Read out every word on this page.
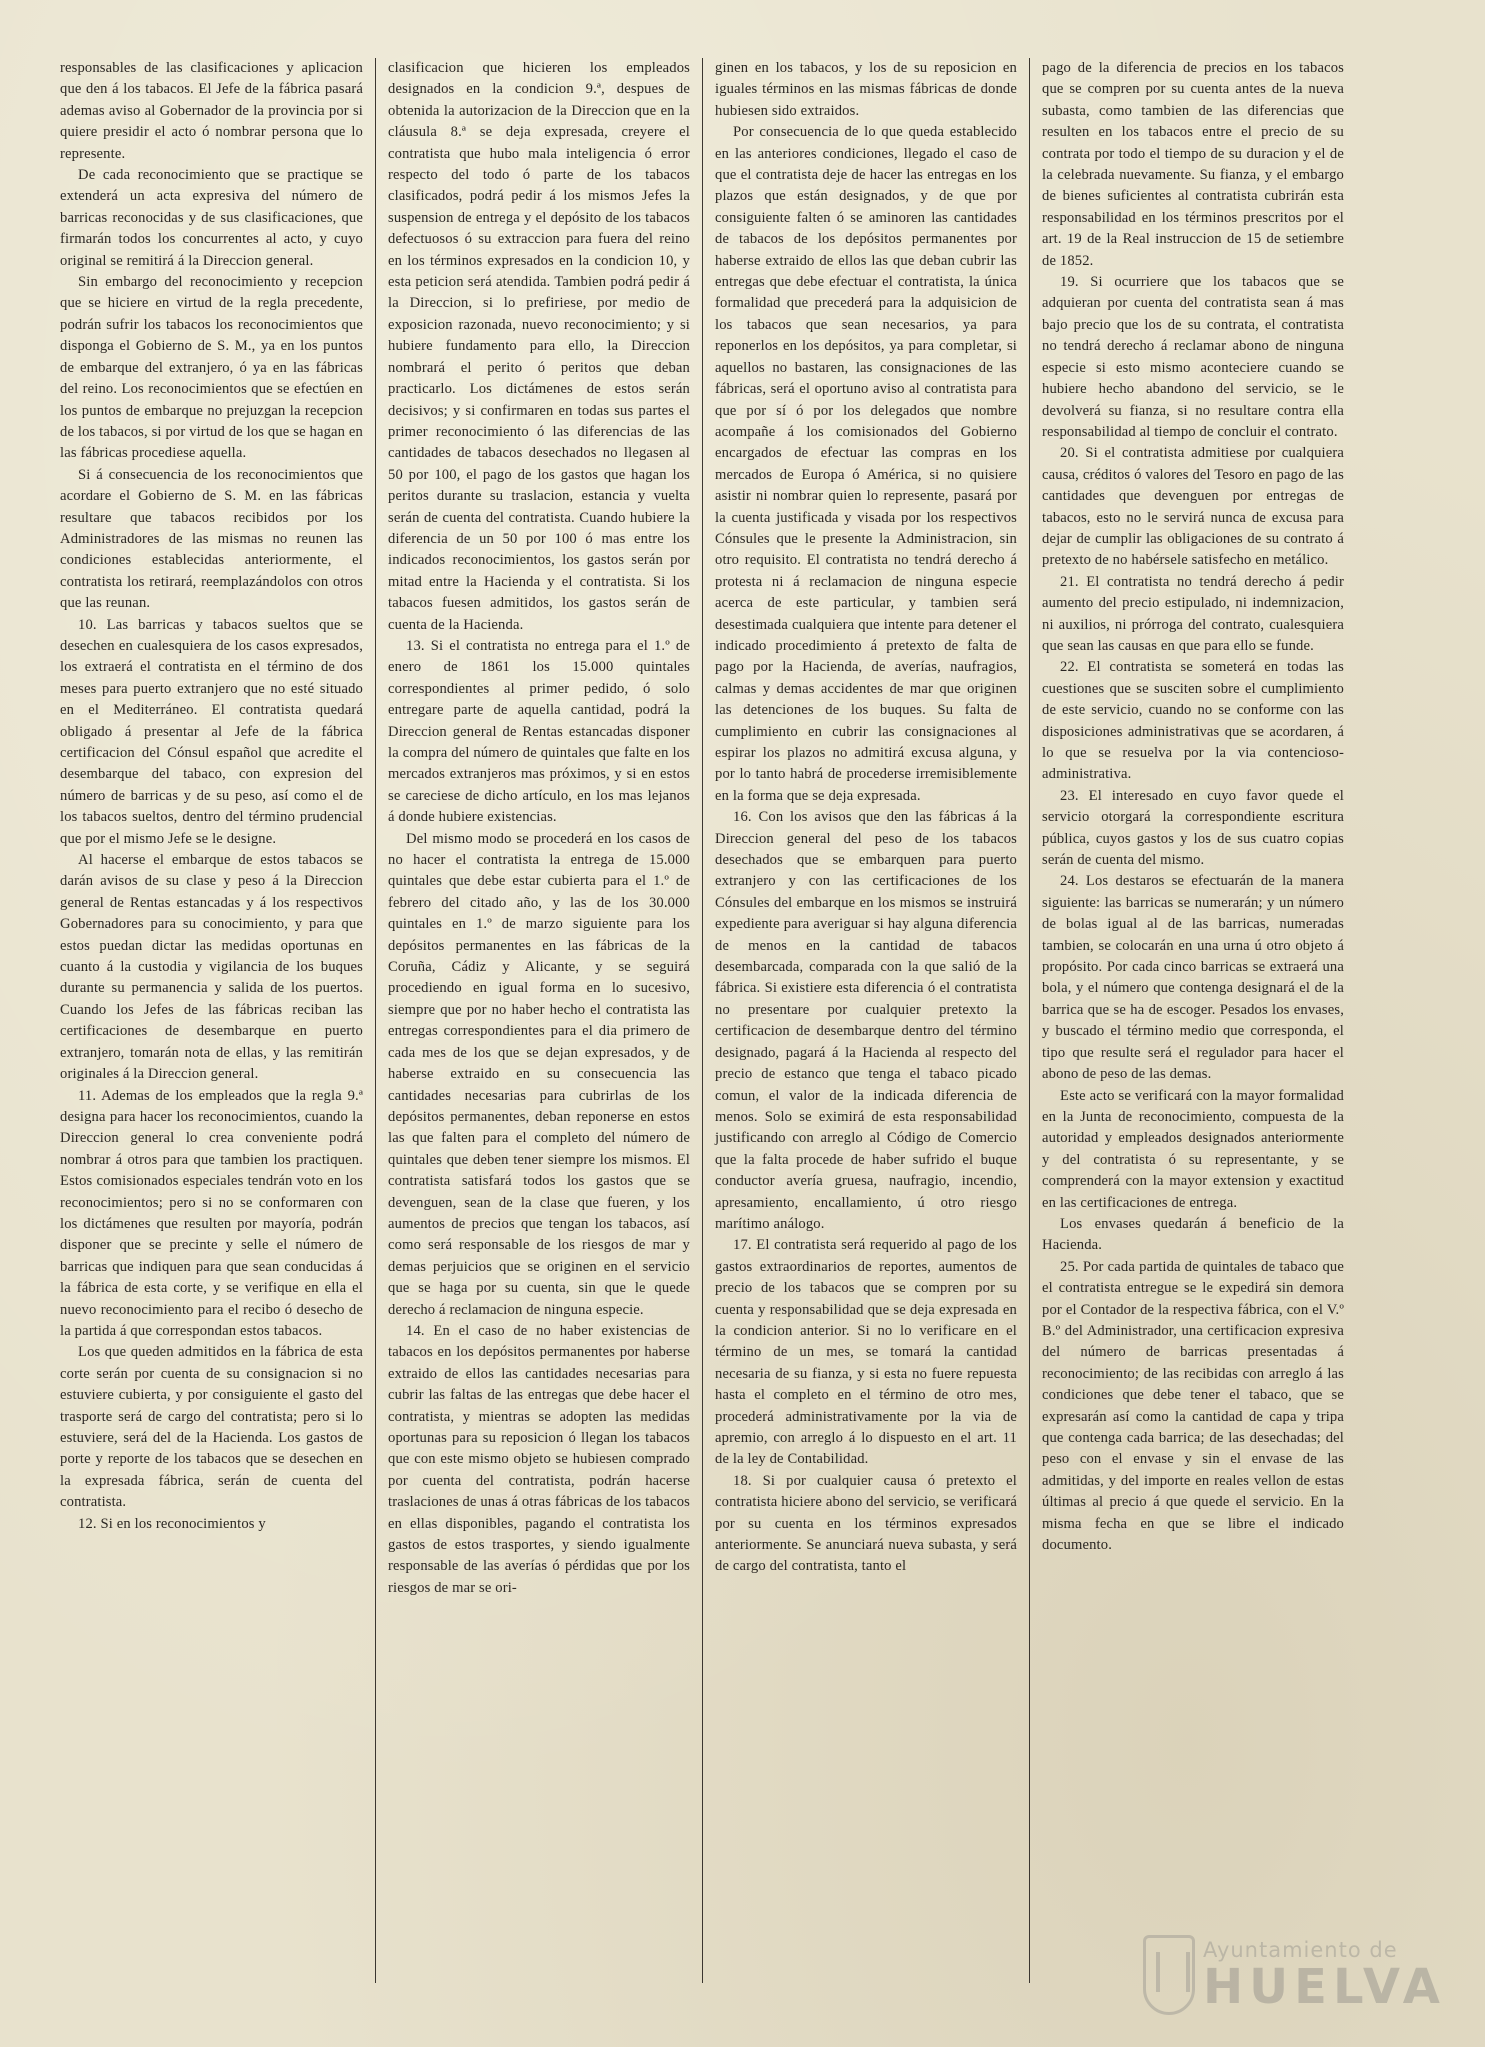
responsables de las clasificaciones y aplicacion que den á los tabacos. El Jefe de la fábrica pasará ademas aviso al Gobernador de la provincia por si quiere presidir el acto ó nombrar persona que lo represente.

De cada reconocimiento que se practique se extenderá un acta expresiva del número de barricas reconocidas y de sus clasificaciones, que firmarán todos los concurrentes al acto, y cuyo original se remitirá á la Direccion general.

Sin embargo del reconocimiento y recepcion que se hiciere en virtud de la regla precedente, podrán sufrir los tabacos los reconocimientos que disponga el Gobierno de S. M., ya en los puntos de embarque del extranjero, ó ya en las fábricas del reino. Los reconocimientos que se efectúen en los puntos de embarque no prejuzgan la recepcion de los tabacos, si por virtud de los que se hagan en las fábricas procediese aquella.

Si á consecuencia de los reconocimientos que acordare el Gobierno de S. M. en las fábricas resultare que tabacos recibidos por los Administradores de las mismas no reunen las condiciones establecidas anteriormente, el contratista los retirará, reemplazándolos con otros que las reunan.

10. Las barricas y tabacos sueltos que se desechen en cualesquiera de los casos expresados, los extraerá el contratista en el término de dos meses para puerto extranjero que no esté situado en el Mediterráneo. El contratista quedará obligado á presentar al Jefe de la fábrica certificacion del Cónsul español que acredite el desembarque del tabaco, con expresion del número de barricas y de su peso, así como el de los tabacos sueltos, dentro del término prudencial que por el mismo Jefe se le designe.

Al hacerse el embarque de estos tabacos se darán avisos de su clase y peso á la Direccion general de Rentas estancadas y á los respectivos Gobernadores para su conocimiento, y para que estos puedan dictar las medidas oportunas en cuanto á la custodia y vigilancia de los buques durante su permanencia y salida de los puertos. Cuando los Jefes de las fábricas reciban las certificaciones de desembarque en puerto extranjero, tomarán nota de ellas, y las remitirán originales á la Direccion general.

11. Ademas de los empleados que la regla 9.ª designa para hacer los reconocimientos, cuando la Direccion general lo crea conveniente podrá nombrar á otros para que tambien los practiquen. Estos comisionados especiales tendrán voto en los reconocimientos; pero si no se conformaren con los dictámenes que resulten por mayoría, podrán disponer que se precinte y selle el número de barricas que indiquen para que sean conducidas á la fábrica de esta corte, y se verifique en ella el nuevo reconocimiento para el recibo ó desecho de la partida á que correspondan estos tabacos.

Los que queden admitidos en la fábrica de esta corte serán por cuenta de su consignacion si no estuviere cubierta, y por consiguiente el gasto del trasporte será de cargo del contratista; pero si lo estuviere, será del de la Hacienda. Los gastos de porte y reporte de los tabacos que se desechen en la expresada fábrica, serán de cuenta del contratista.

12. Si en los reconocimientos y

clasificacion que hicieren los empleados designados en la condicion 9.ª, despues de obtenida la autorizacion de la Direccion que en la cláusula 8.ª se deja expresada, creyere el contratista que hubo mala inteligencia ó error respecto del todo ó parte de los tabacos clasificados, podrá pedir á los mismos Jefes la suspension de entrega y el depósito de los tabacos defectuosos ó su extraccion para fuera del reino en los términos expresados en la condicion 10, y esta peticion será atendida. Tambien podrá pedir á la Direccion, si lo prefiriese, por medio de exposicion razonada, nuevo reconocimiento; y si hubiere fundamento para ello, la Direccion nombrará el perito ó peritos que deban practicarlo. Los dictámenes de estos serán decisivos; y si confirmaren en todas sus partes el primer reconocimiento ó las diferencias de las cantidades de tabacos desechados no llegasen al 50 por 100, el pago de los gastos que hagan los peritos durante su traslacion, estancia y vuelta serán de cuenta del contratista. Cuando hubiere la diferencia de un 50 por 100 ó mas entre los indicados reconocimientos, los gastos serán por mitad entre la Hacienda y el contratista. Si los tabacos fuesen admitidos, los gastos serán de cuenta de la Hacienda.

13. Si el contratista no entrega para el 1.º de enero de 1861 los 15.000 quintales correspondientes al primer pedido, ó solo entregare parte de aquella cantidad, podrá la Direccion general de Rentas estancadas disponer la compra del número de quintales que falte en los mercados extranjeros mas próximos, y si en estos se careciese de dicho artículo, en los mas lejanos á donde hubiere existencias.

Del mismo modo se procederá en los casos de no hacer el contratista la entrega de 15.000 quintales que debe estar cubierta para el 1.º de febrero del citado año, y las de los 30.000 quintales en 1.º de marzo siguiente para los depósitos permanentes en las fábricas de la Coruña, Cádiz y Alicante, y se seguirá procediendo en igual forma en lo sucesivo, siempre que por no haber hecho el contratista las entregas correspondientes para el dia primero de cada mes de los que se dejan expresados, y de haberse extraido en su consecuencia las cantidades necesarias para cubrirlas de los depósitos permanentes, deban reponerse en estos las que falten para el completo del número de quintales que deben tener siempre los mismos. El contratista satisfará todos los gastos que se devenguen, sean de la clase que fueren, y los aumentos de precios que tengan los tabacos, así como será responsable de los riesgos de mar y demas perjuicios que se originen en el servicio que se haga por su cuenta, sin que le quede derecho á reclamacion de ninguna especie.

14. En el caso de no haber existencias de tabacos en los depósitos permanentes por haberse extraido de ellos las cantidades necesarias para cubrir las faltas de las entregas que debe hacer el contratista, y mientras se adopten las medidas oportunas para su reposicion ó llegan los tabacos que con este mismo objeto se hubiesen comprado por cuenta del contratista, podrán hacerse traslaciones de unas á otras fábricas de los tabacos en ellas disponibles, pagando el contratista los gastos de estos trasportes, y siendo igualmente responsable de las averías ó pérdidas que por los riesgos de mar se ori-

ginen en los tabacos, y los de su reposicion en iguales términos en las mismas fábricas de donde hubiesen sido extraidos.

Por consecuencia de lo que queda establecido en las anteriores condiciones, llegado el caso de que el contratista deje de hacer las entregas en los plazos que están designados, y de que por consiguiente falten ó se aminoren las cantidades de tabacos de los depósitos permanentes por haberse extraido de ellos las que deban cubrir las entregas que debe efectuar el contratista, la única formalidad que precederá para la adquisicion de los tabacos que sean necesarios, ya para reponerlos en los depósitos, ya para completar, si aquellos no bastaren, las consignaciones de las fábricas, será el oportuno aviso al contratista para que por sí ó por los delegados que nombre acompañe á los comisionados del Gobierno encargados de efectuar las compras en los mercados de Europa ó América, si no quisiere asistir ni nombrar quien lo represente, pasará por la cuenta justificada y visada por los respectivos Cónsules que le presente la Administracion, sin otro requisito. El contratista no tendrá derecho á protesta ni á reclamacion de ninguna especie acerca de este particular, y tambien será desestimada cualquiera que intente para detener el indicado procedimiento á pretexto de falta de pago por la Hacienda, de averías, naufragios, calmas y demas accidentes de mar que originen las detenciones de los buques. Su falta de cumplimiento en cubrir las consignaciones al espirar los plazos no admitirá excusa alguna, y por lo tanto habrá de procederse irremisiblemente en la forma que se deja expresada.

16. Con los avisos que den las fábricas á la Direccion general del peso de los tabacos desechados que se embarquen para puerto extranjero y con las certificaciones de los Cónsules del embarque en los mismos se instruirá expediente para averiguar si hay alguna diferencia de menos en la cantidad de tabacos desembarcada, comparada con la que salió de la fábrica. Si existiere esta diferencia ó el contratista no presentare por cualquier pretexto la certificacion de desembarque dentro del término designado, pagará á la Hacienda al respecto del precio de estanco que tenga el tabaco picado comun, el valor de la indicada diferencia de menos. Solo se eximirá de esta responsabilidad justificando con arreglo al Código de Comercio que la falta procede de haber sufrido el buque conductor avería gruesa, naufragio, incendio, apresamiento, encallamiento, ú otro riesgo marítimo análogo.

17. El contratista será requerido al pago de los gastos extraordinarios de reportes, aumentos de precio de los tabacos que se compren por su cuenta y responsabilidad que se deja expresada en la condicion anterior. Si no lo verificare en el término de un mes, se tomará la cantidad necesaria de su fianza, y si esta no fuere repuesta hasta el completo en el término de otro mes, procederá administrativamente por la via de apremio, con arreglo á lo dispuesto en el art. 11 de la ley de Contabilidad.

18. Si por cualquier causa ó pretexto el contratista hiciere abono del servicio, se verificará por su cuenta en los términos expresados anteriormente. Se anunciará nueva subasta, y será de cargo del contratista, tanto el

pago de la diferencia de precios en los tabacos que se compren por su cuenta antes de la nueva subasta, como tambien de las diferencias que resulten en los tabacos entre el precio de su contrata por todo el tiempo de su duracion y el de la celebrada nuevamente. Su fianza, y el embargo de bienes suficientes al contratista cubrirán esta responsabilidad en los términos prescritos por el art. 19 de la Real instruccion de 15 de setiembre de 1852.

19. Si ocurriere que los tabacos que se adquieran por cuenta del contratista sean á mas bajo precio que los de su contrata, el contratista no tendrá derecho á reclamar abono de ninguna especie si esto mismo aconteciere cuando se hubiere hecho abandono del servicio, se le devolverá su fianza, si no resultare contra ella responsabilidad al tiempo de concluir el contrato.

20. Si el contratista admitiese por cualquiera causa, créditos ó valores del Tesoro en pago de las cantidades que devenguen por entregas de tabacos, esto no le servirá nunca de excusa para dejar de cumplir las obligaciones de su contrato á pretexto de no habérsele satisfecho en metálico.

21. El contratista no tendrá derecho á pedir aumento del precio estipulado, ni indemnizacion, ni auxilios, ni prórroga del contrato, cualesquiera que sean las causas en que para ello se funde.

22. El contratista se someterá en todas las cuestiones que se susciten sobre el cumplimiento de este servicio, cuando no se conforme con las disposiciones administrativas que se acordaren, á lo que se resuelva por la via contencioso-administrativa.

23. El interesado en cuyo favor quede el servicio otorgará la correspondiente escritura pública, cuyos gastos y los de sus cuatro copias serán de cuenta del mismo.

24. Los destaros se efectuarán de la manera siguiente: las barricas se numerarán; y un número de bolas igual al de las barricas, numeradas tambien, se colocarán en una urna ú otro objeto á propósito. Por cada cinco barricas se extraerá una bola, y el número que contenga designará el de la barrica que se ha de escoger. Pesados los envases, y buscado el término medio que corresponda, el tipo que resulte será el regulador para hacer el abono de peso de las demas.

Este acto se verificará con la mayor formalidad en la Junta de reconocimiento, compuesta de la autoridad y empleados designados anteriormente y del contratista ó su representante, y se comprenderá con la mayor extension y exactitud en las certificaciones de entrega.

Los envases quedarán á beneficio de la Hacienda.

25. Por cada partida de quintales de tabaco que el contratista entregue se le expedirá sin demora por el Contador de la respectiva fábrica, con el V.º B.º del Administrador, una certificacion expresiva del número de barricas presentadas á reconocimiento; de las recibidas con arreglo á las condiciones que debe tener el tabaco, que se expresarán así como la cantidad de capa y tripa que contenga cada barrica; de las desechadas; del peso con el envase y sin el envase de las admitidas, y del importe en reales vellon de estas últimas al precio á que quede el servicio. En la misma fecha en que se libre el indicado documento.

Ayuntamiento de
HUELVA
